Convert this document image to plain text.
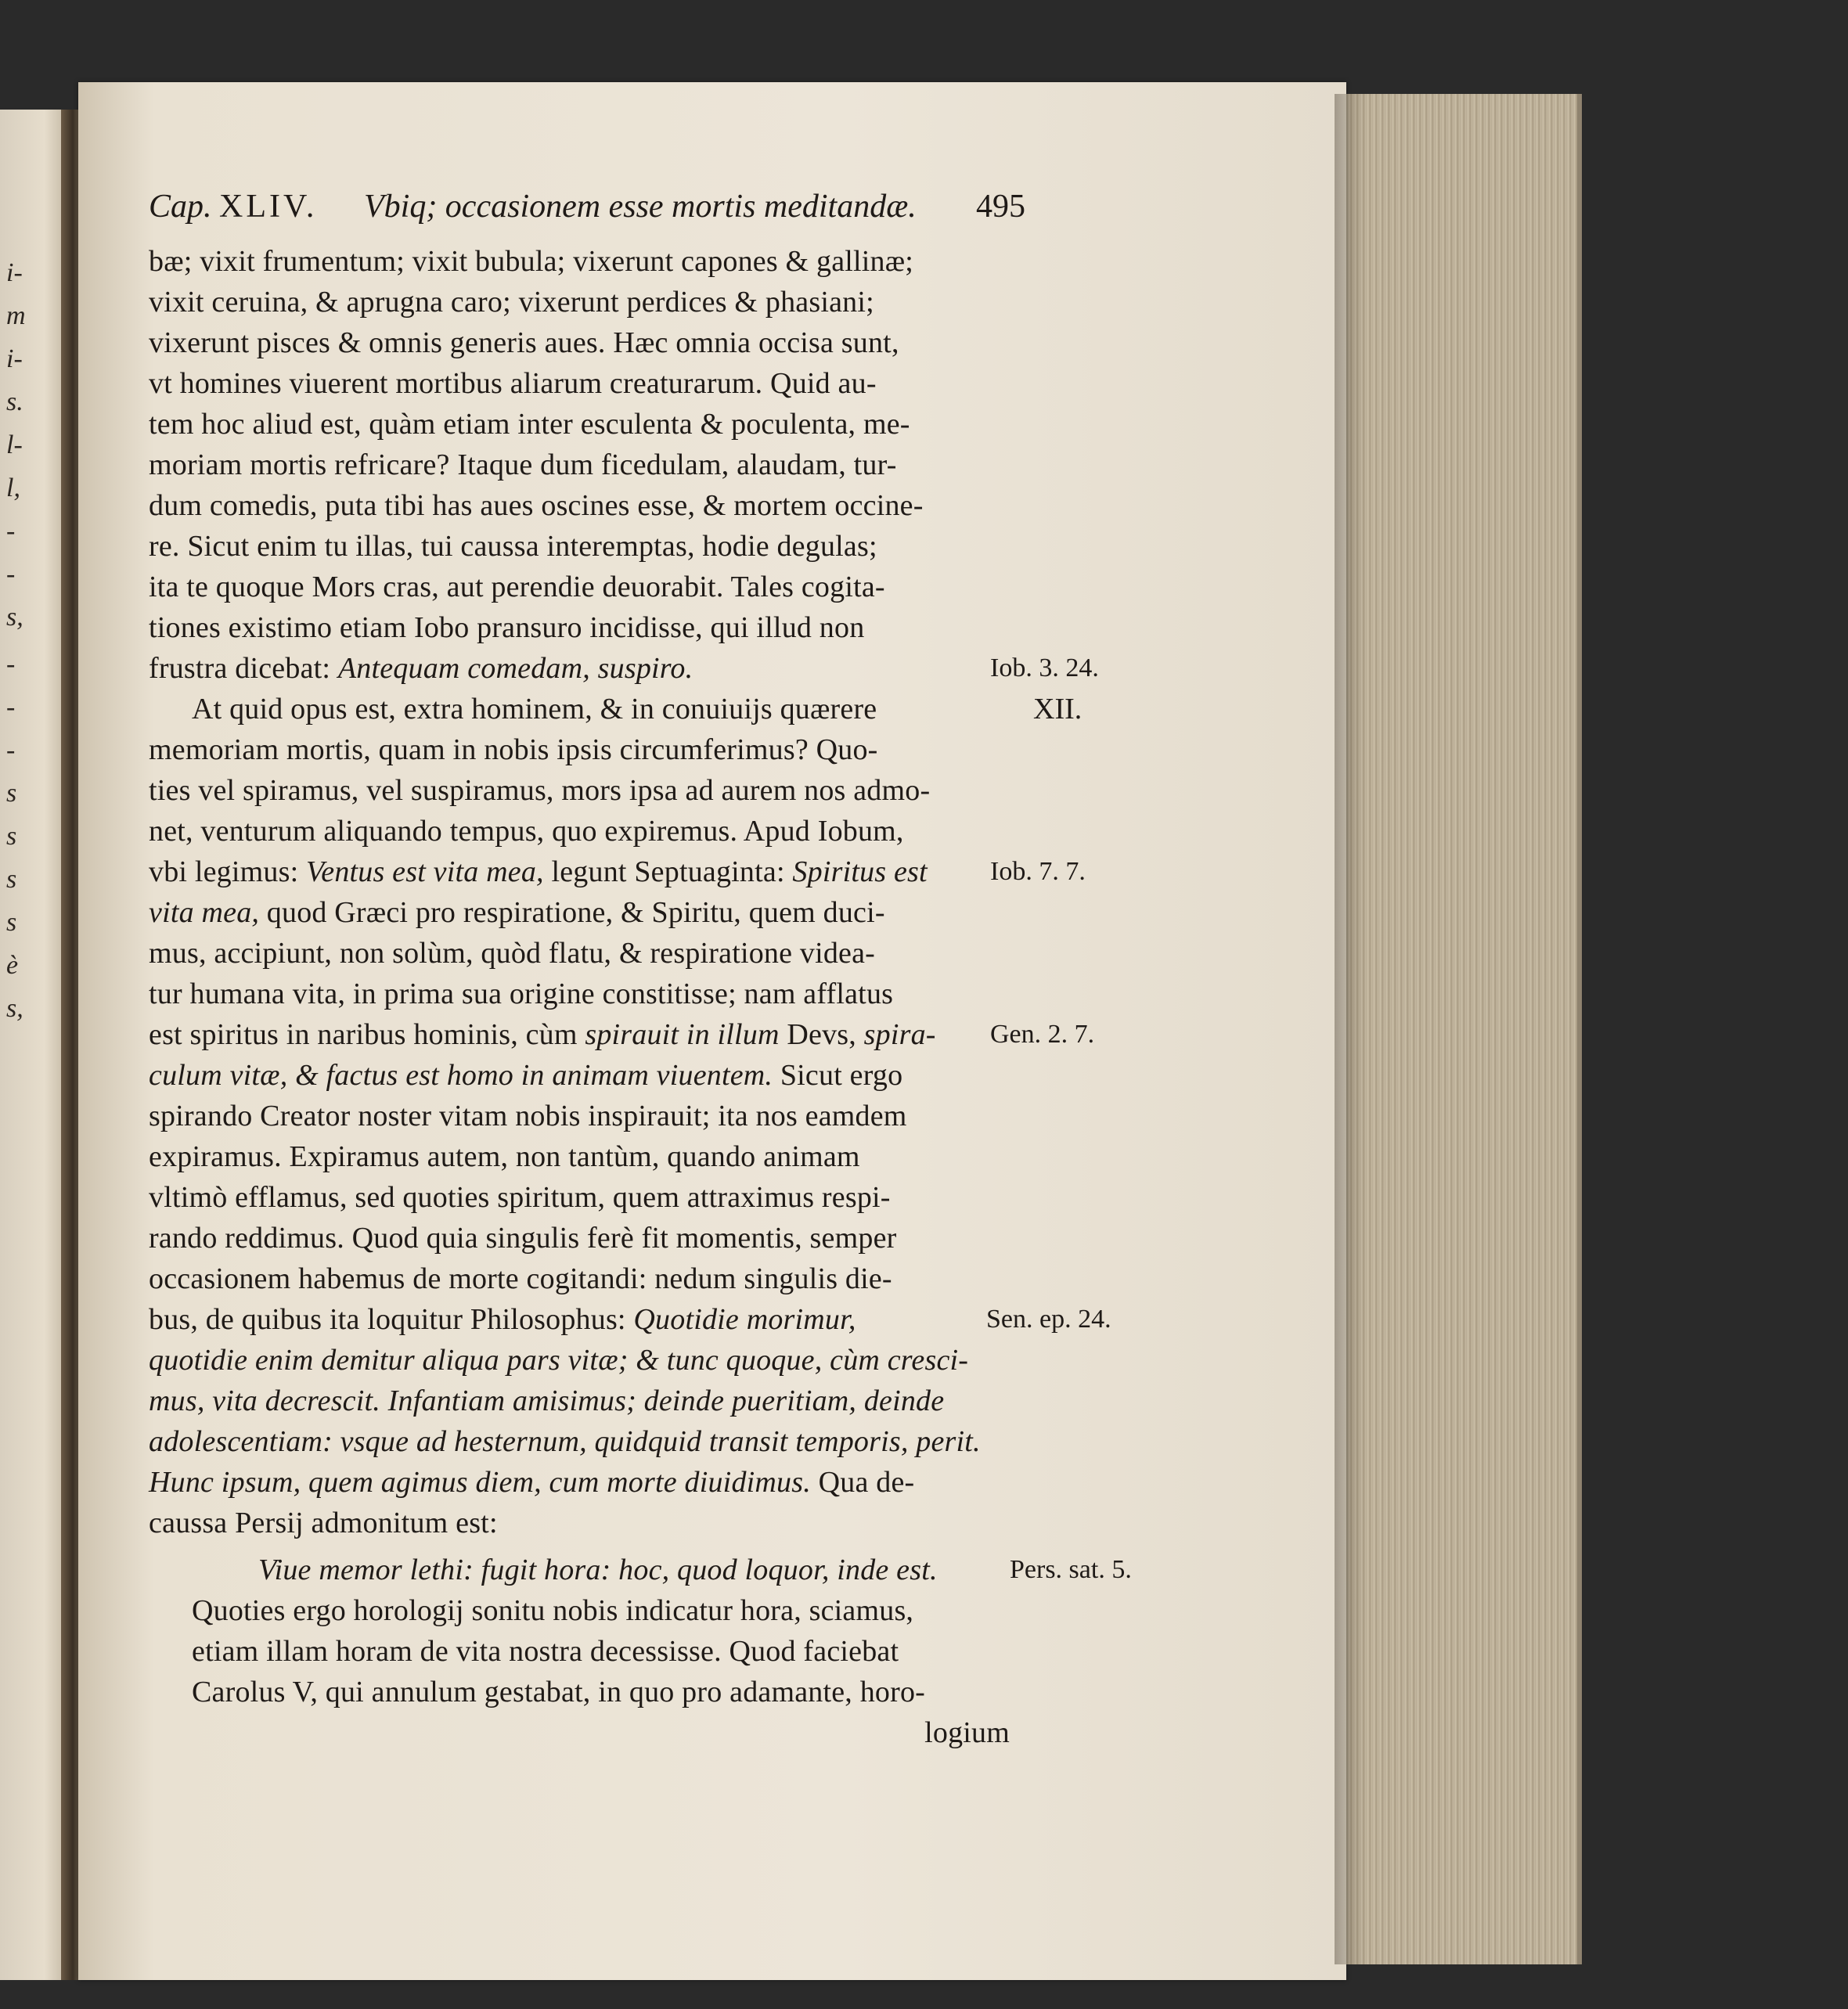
i-
m
i-
s.
l-
l,
-
-
s,
-
-
-
s
s
s
s
è
s,
Cap. XLIV. Vbiq; occasionem esse mortis meditandæ. 495
bæ; vixit frumentum; vixit bubula; vixerunt capones & gallinæ;
vixit ceruina, & aprugna caro; vixerunt perdices & phasiani;
vixerunt pisces & omnis generis aues. Hæc omnia occisa sunt,
vt homines viuerent mortibus aliarum creaturarum. Quid au-
tem hoc aliud est, quàm etiam inter esculenta & poculenta, me-
moriam mortis refricare? Itaque dum ficedulam, alaudam, tur-
dum comedis, puta tibi has aues oscines esse, & mortem occine-
re. Sicut enim tu illas, tui caussa interemptas, hodie degulas;
ita te quoque Mors cras, aut perendie deuorabit. Tales cogita-
tiones existimo etiam Iobo pransuro incidisse, qui illud non
frustra dicebat: Antequam comedam, suspiro.
At quid opus est, extra hominem, & in conuiuijs quærere
memoriam mortis, quam in nobis ipsis circumferimus? Quo-
ties vel spiramus, vel suspiramus, mors ipsa ad aurem nos admo-
net, venturum aliquando tempus, quo expiremus. Apud Iobum,
vbi legimus: Ventus est vita mea, legunt Septuaginta: Spiritus est
vita mea, quod Græci pro respiratione, & Spiritu, quem duci-
mus, accipiunt, non solùm, quòd flatu, & respiratione videa-
tur humana vita, in prima sua origine constitisse; nam afflatus
est spiritus in naribus hominis, cùm spirauit in illum Devs, spira-
culum vitæ, & factus est homo in animam viuentem. Sicut ergo
spirando Creator noster vitam nobis inspirauit; ita nos eamdem
expiramus. Expiramus autem, non tantùm, quando animam
vltimò efflamus, sed quoties spiritum, quem attraximus respi-
rando reddimus. Quod quia singulis ferè fit momentis, semper
occasionem habemus de morte cogitandi: nedum singulis die-
bus, de quibus ita loquitur Philosophus: Quotidie morimur,
quotidie enim demitur aliqua pars vitæ; & tunc quoque, cùm cresci-
mus, vita decrescit. Infantiam amisimus; deinde pueritiam, deinde
adolescentiam: vsque ad hesternum, quidquid transit temporis, perit.
Hunc ipsum, quem agimus diem, cum morte diuidimus. Qua de-
caussa Persij admonitum est:
Viue memor lethi: fugit hora: hoc, quod loquor, inde est.
Quoties ergo horologij sonitu nobis indicatur hora, sciamus,
etiam illam horam de vita nostra decessisse. Quod faciebat
Carolus V, qui annulum gestabat, in quo pro adamante, horo-
logium
Iob. 3. 24.
XII.
Iob. 7. 7.
Gen. 2. 7.
Sen. ep. 24.
Pers. sat. 5.
